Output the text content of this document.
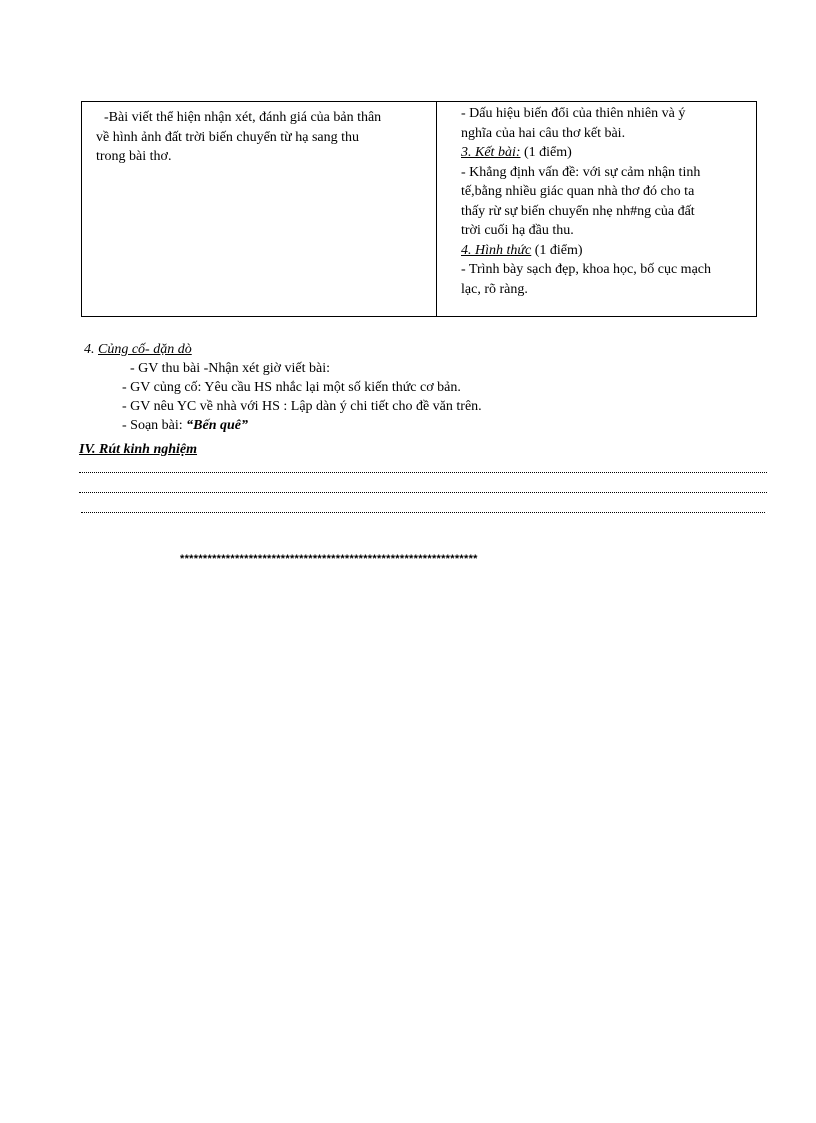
-Bài viết thể hiện nhận xét, đánh giá của bản thân

về hình ảnh đất trời biến chuyển từ hạ sang thu

trong bài thơ.

- Dấu hiệu biến đổi của thiên nhiên và ý

nghĩa của hai câu thơ kết bài.

3. Kết bài: (1 điểm)

- Khẳng định vấn đề: với sự cảm nhận tinh

tế,bằng nhiều giác quan nhà thơ đó cho ta

thấy rừ sự biến chuyển nhẹ nh#ng của đất

trời cuối hạ đầu thu.

4. Hình thức (1 điểm)

- Trình bày sạch đẹp, khoa học, bố cục mạch

lạc, rõ ràng.

4. Củng cố- dặn dò

- GV thu bài -Nhận xét giờ viết bài:

- GV củng cố: Yêu cầu HS nhắc lại một số kiến thức cơ bản.

- GV nêu YC về nhà với HS : Lập dàn ý chi tiết cho đề văn trên.

- Soạn bài: “Bến quê”

IV. Rút kinh nghiệm
*****************************************************************
